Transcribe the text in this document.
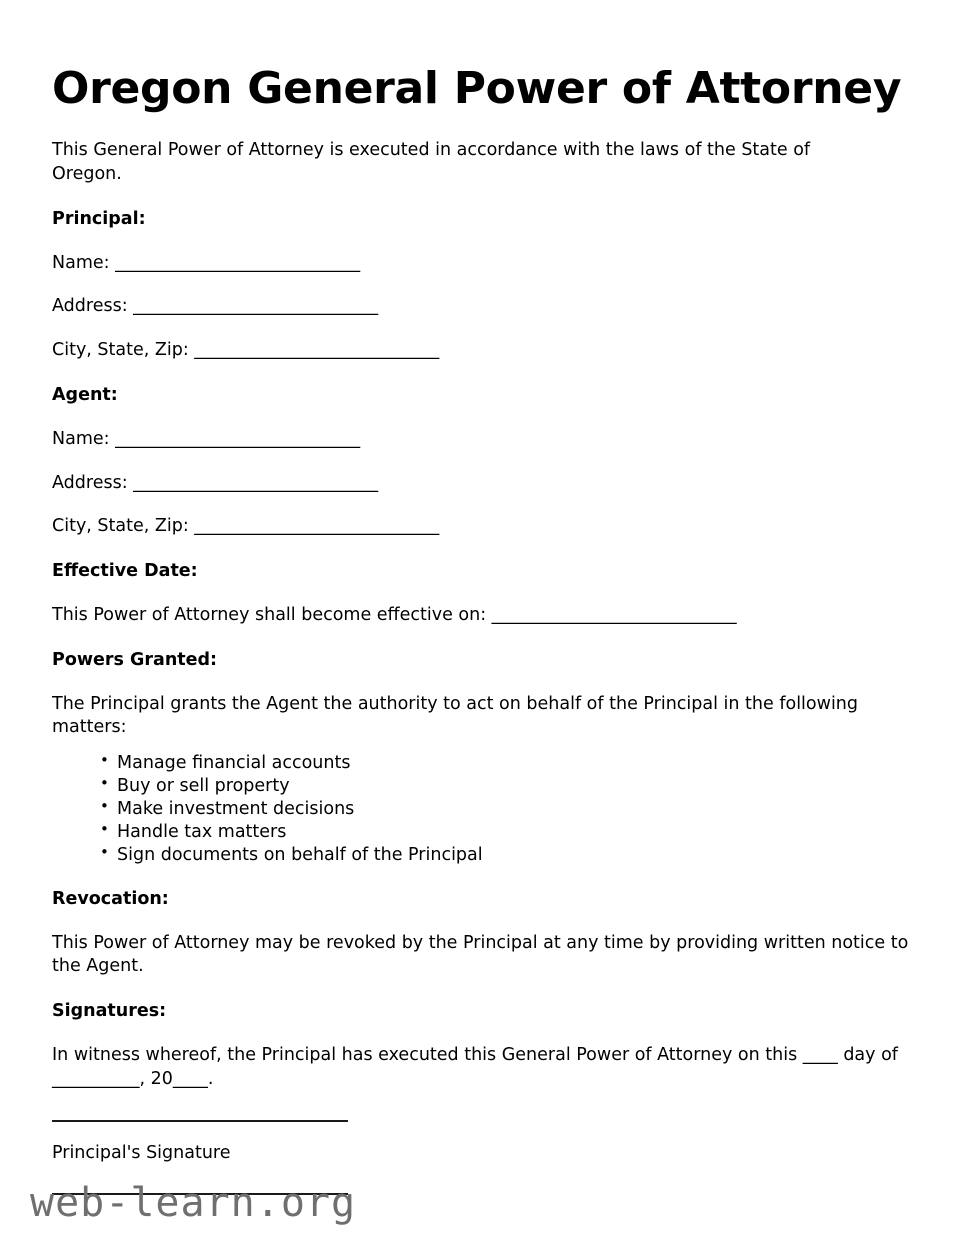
Oregon General Power of Attorney

This General Power of Attorney is executed in accordance with the laws of the State of Oregon.

Principal:

Name: ____________________________

Address: ____________________________

City, State, Zip: ____________________________

Agent:

Name: ____________________________

Address: ____________________________

City, State, Zip: ____________________________

Effective Date:

This Power of Attorney shall become effective on: ____________________________

Powers Granted:

The Principal grants the Agent the authority to act on behalf of the Principal in the following matters:

• Manage financial accounts
• Buy or sell property
• Make investment decisions
• Handle tax matters
• Sign documents on behalf of the Principal

Revocation:

This Power of Attorney may be revoked by the Principal at any time by providing written notice to the Agent.

Signatures:

In witness whereof, the Principal has executed this General Power of Attorney on this ____ day of __________, 20____.

Principal's Signature

web-learn.org
